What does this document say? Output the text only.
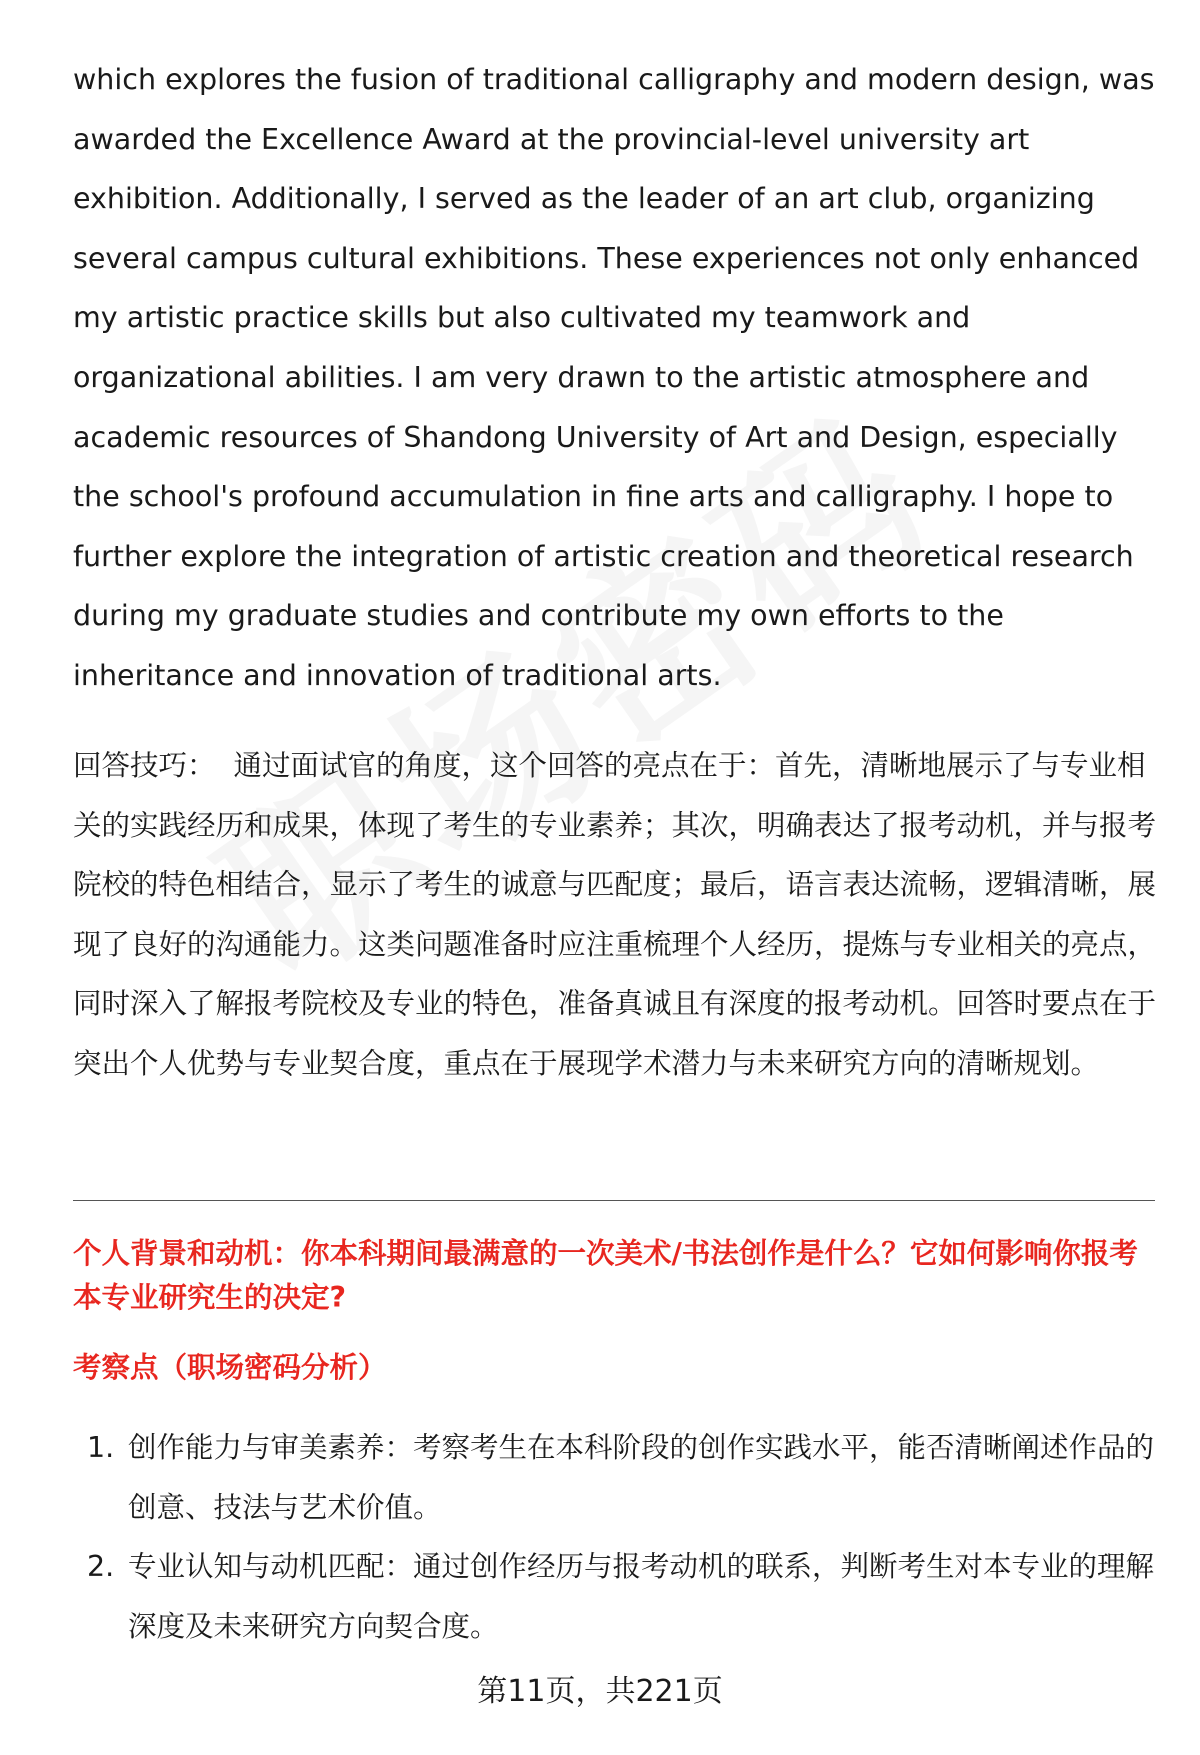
which explores the fusion of traditional calligraphy and modern design, was awarded the Excellence Award at the provincial-level university art exhibition. Additionally, I served as the leader of an art club, organizing several campus cultural exhibitions. These experiences not only enhanced my artistic practice skills but also cultivated my teamwork and organizational abilities. I am very drawn to the artistic atmosphere and academic resources of Shandong University of Art and Design, especially the school's profound accumulation in fine arts and calligraphy. I hope to further explore the integration of artistic creation and theoretical research during my graduate studies and contribute my own efforts to the inheritance and innovation of traditional arts.

回答技巧： 通过面试官的角度，这个回答的亮点在于：首先，清晰地展示了与专业相关的实践经历和成果，体现了考生的专业素养；其次，明确表达了报考动机，并与报考院校的特色相结合，显示了考生的诚意与匹配度；最后，语言表达流畅，逻辑清晰，展现了良好的沟通能力。这类问题准备时应注重梳理个人经历，提炼与专业相关的亮点，同时深入了解报考院校及专业的特色，准备真诚且有深度的报考动机。回答时要点在于突出个人优势与专业契合度，重点在于展现学术潜力与未来研究方向的清晰规划。

个人背景和动机：你本科期间最满意的一次美术/书法创作是什么？它如何影响你报考本专业研究生的决定?
考察点（职场密码分析）
1. 创作能力与审美素养：考察考生在本科阶段的创作实践水平，能否清晰阐述作品的创意、技法与艺术价值。
2. 专业认知与动机匹配：通过创作经历与报考动机的联系，判断考生对本专业的理解深度及未来研究方向契合度。
第11页，共221页
